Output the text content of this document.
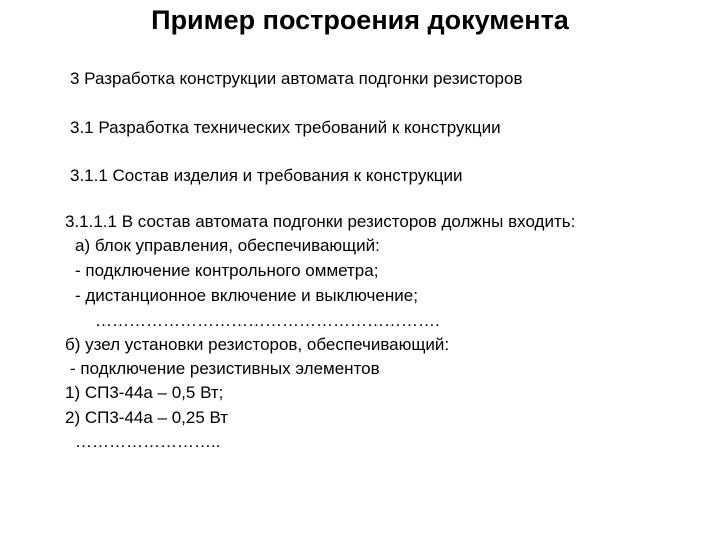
Пример построения документа
3 Разработка конструкции автомата подгонки резисторов
3.1 Разработка технических требований к конструкции
3.1.1 Состав изделия и требования к конструкции
3.1.1.1 В состав автомата подгонки резисторов должны входить:
а) блок управления, обеспечивающий:
- подключение контрольного омметра;
- дистанционное включение и выключение;
…………………………………………………….
б) узел установки резисторов, обеспечивающий:
- подключение резистивных элементов
1) СП3-44а – 0,5 Вт;
2) СП3-44а – 0,25 Вт
……………………..
